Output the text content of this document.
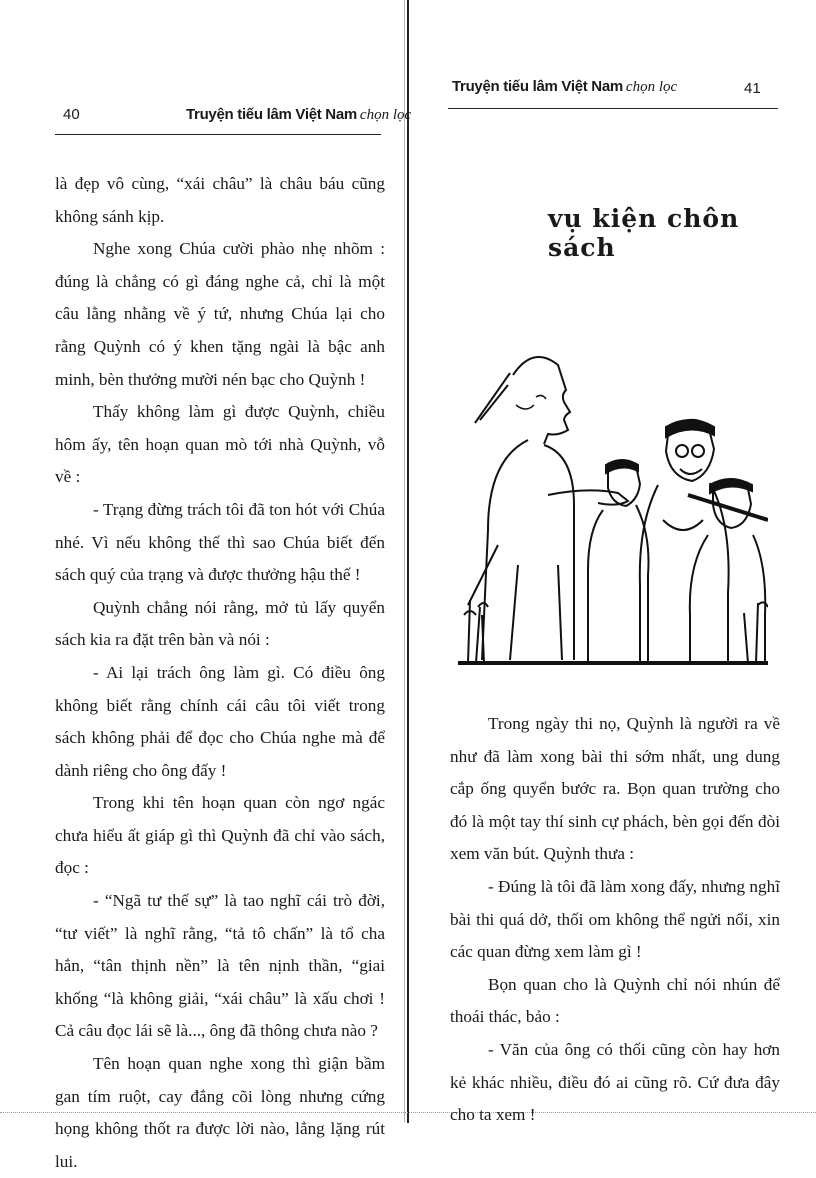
40	Truyện tiếu lâm Việt Nam chọn lọc

là đẹp vô cùng, “xái châu” là châu báu cũng không sánh kịp.

Nghe xong Chúa cười phào nhẹ nhõm : đúng là chẳng có gì đáng nghe cả, chỉ là một câu lằng nhằng về ý tứ, nhưng Chúa lại cho rằng Quỳnh có ý khen tặng ngài là bậc anh minh, bèn thưởng mười nén bạc cho Quỳnh !

Thấy không làm gì được Quỳnh, chiều hôm ấy, tên hoạn quan mò tới nhà Quỳnh, vỗ về :

- Trạng đừng trách tôi đã ton hót với Chúa nhé. Vì nếu không thế thì sao Chúa biết đến sách quý của trạng và được thưởng hậu thế !

Quỳnh chẳng nói rằng, mở tủ lấy quyển sách kia ra đặt trên bàn và nói :

- Ai lại trách ông làm gì. Có điều ông không biết rằng chính cái câu tôi viết trong sách không phải để đọc cho Chúa nghe mà để dành riêng cho ông đấy !

Trong khi tên hoạn quan còn ngơ ngác chưa hiểu ất giáp gì thì Quỳnh đã chỉ vào sách, đọc :

- “Ngã tư thế sự” là tao nghĩ cái trò đời, “tư viết” là nghĩ rằng, “tả tô chấn” là tổ cha hắn, “tân thịnh nền” là tên nịnh thần, “giai khống “là không giải, “xái châu” là xấu chơi ! Cả câu đọc lái sẽ là..., ông đã thông chưa nào ?

Tên hoạn quan nghe xong thì giận bầm gan tím ruột, cay đắng cõi lòng nhưng cứng họng không thốt ra được lời nào, lẳng lặng rút lui.

Truyện tiếu lâm Việt Nam chọn lọc	41
vụ kiện chôn sách

Trong ngày thi nọ, Quỳnh là người ra về như đã làm xong bài thi sớm nhất, ung dung cắp ống quyển bước ra. Bọn quan trường cho đó là một tay thí sinh cự phách, bèn gọi đến đòi xem văn bút. Quỳnh thưa :

- Đúng là tôi đã làm xong đấy, nhưng nghĩ bài thi quá dở, thối om không thể ngửi nổi, xin các quan đừng xem làm gì !

Bọn quan cho là Quỳnh chỉ nói nhún để thoái thác, bảo :

- Văn của ông có thối cũng còn hay hơn kẻ khác nhiều, điều đó ai cũng rõ. Cứ đưa đây cho ta xem !
